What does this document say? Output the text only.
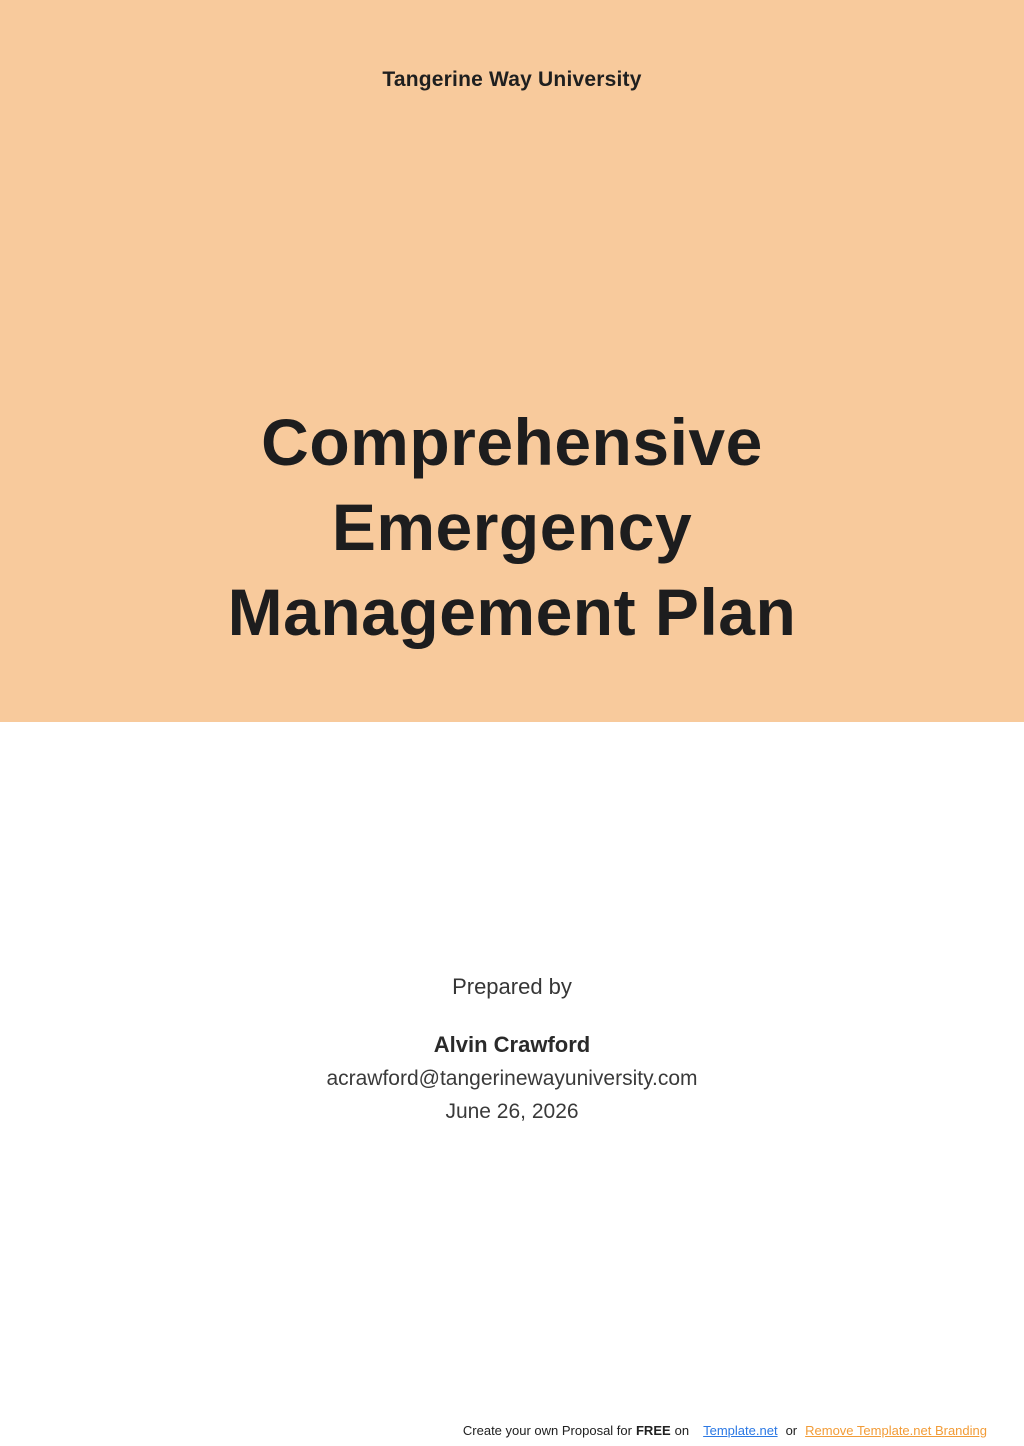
Tangerine Way University
Comprehensive
Emergency
Management Plan
Prepared by
Alvin Crawford
acrawford@tangerinewayuniversity.com
June 26, 2026
Create your own Proposal for FREE on Template.net or Remove Template.net Branding
